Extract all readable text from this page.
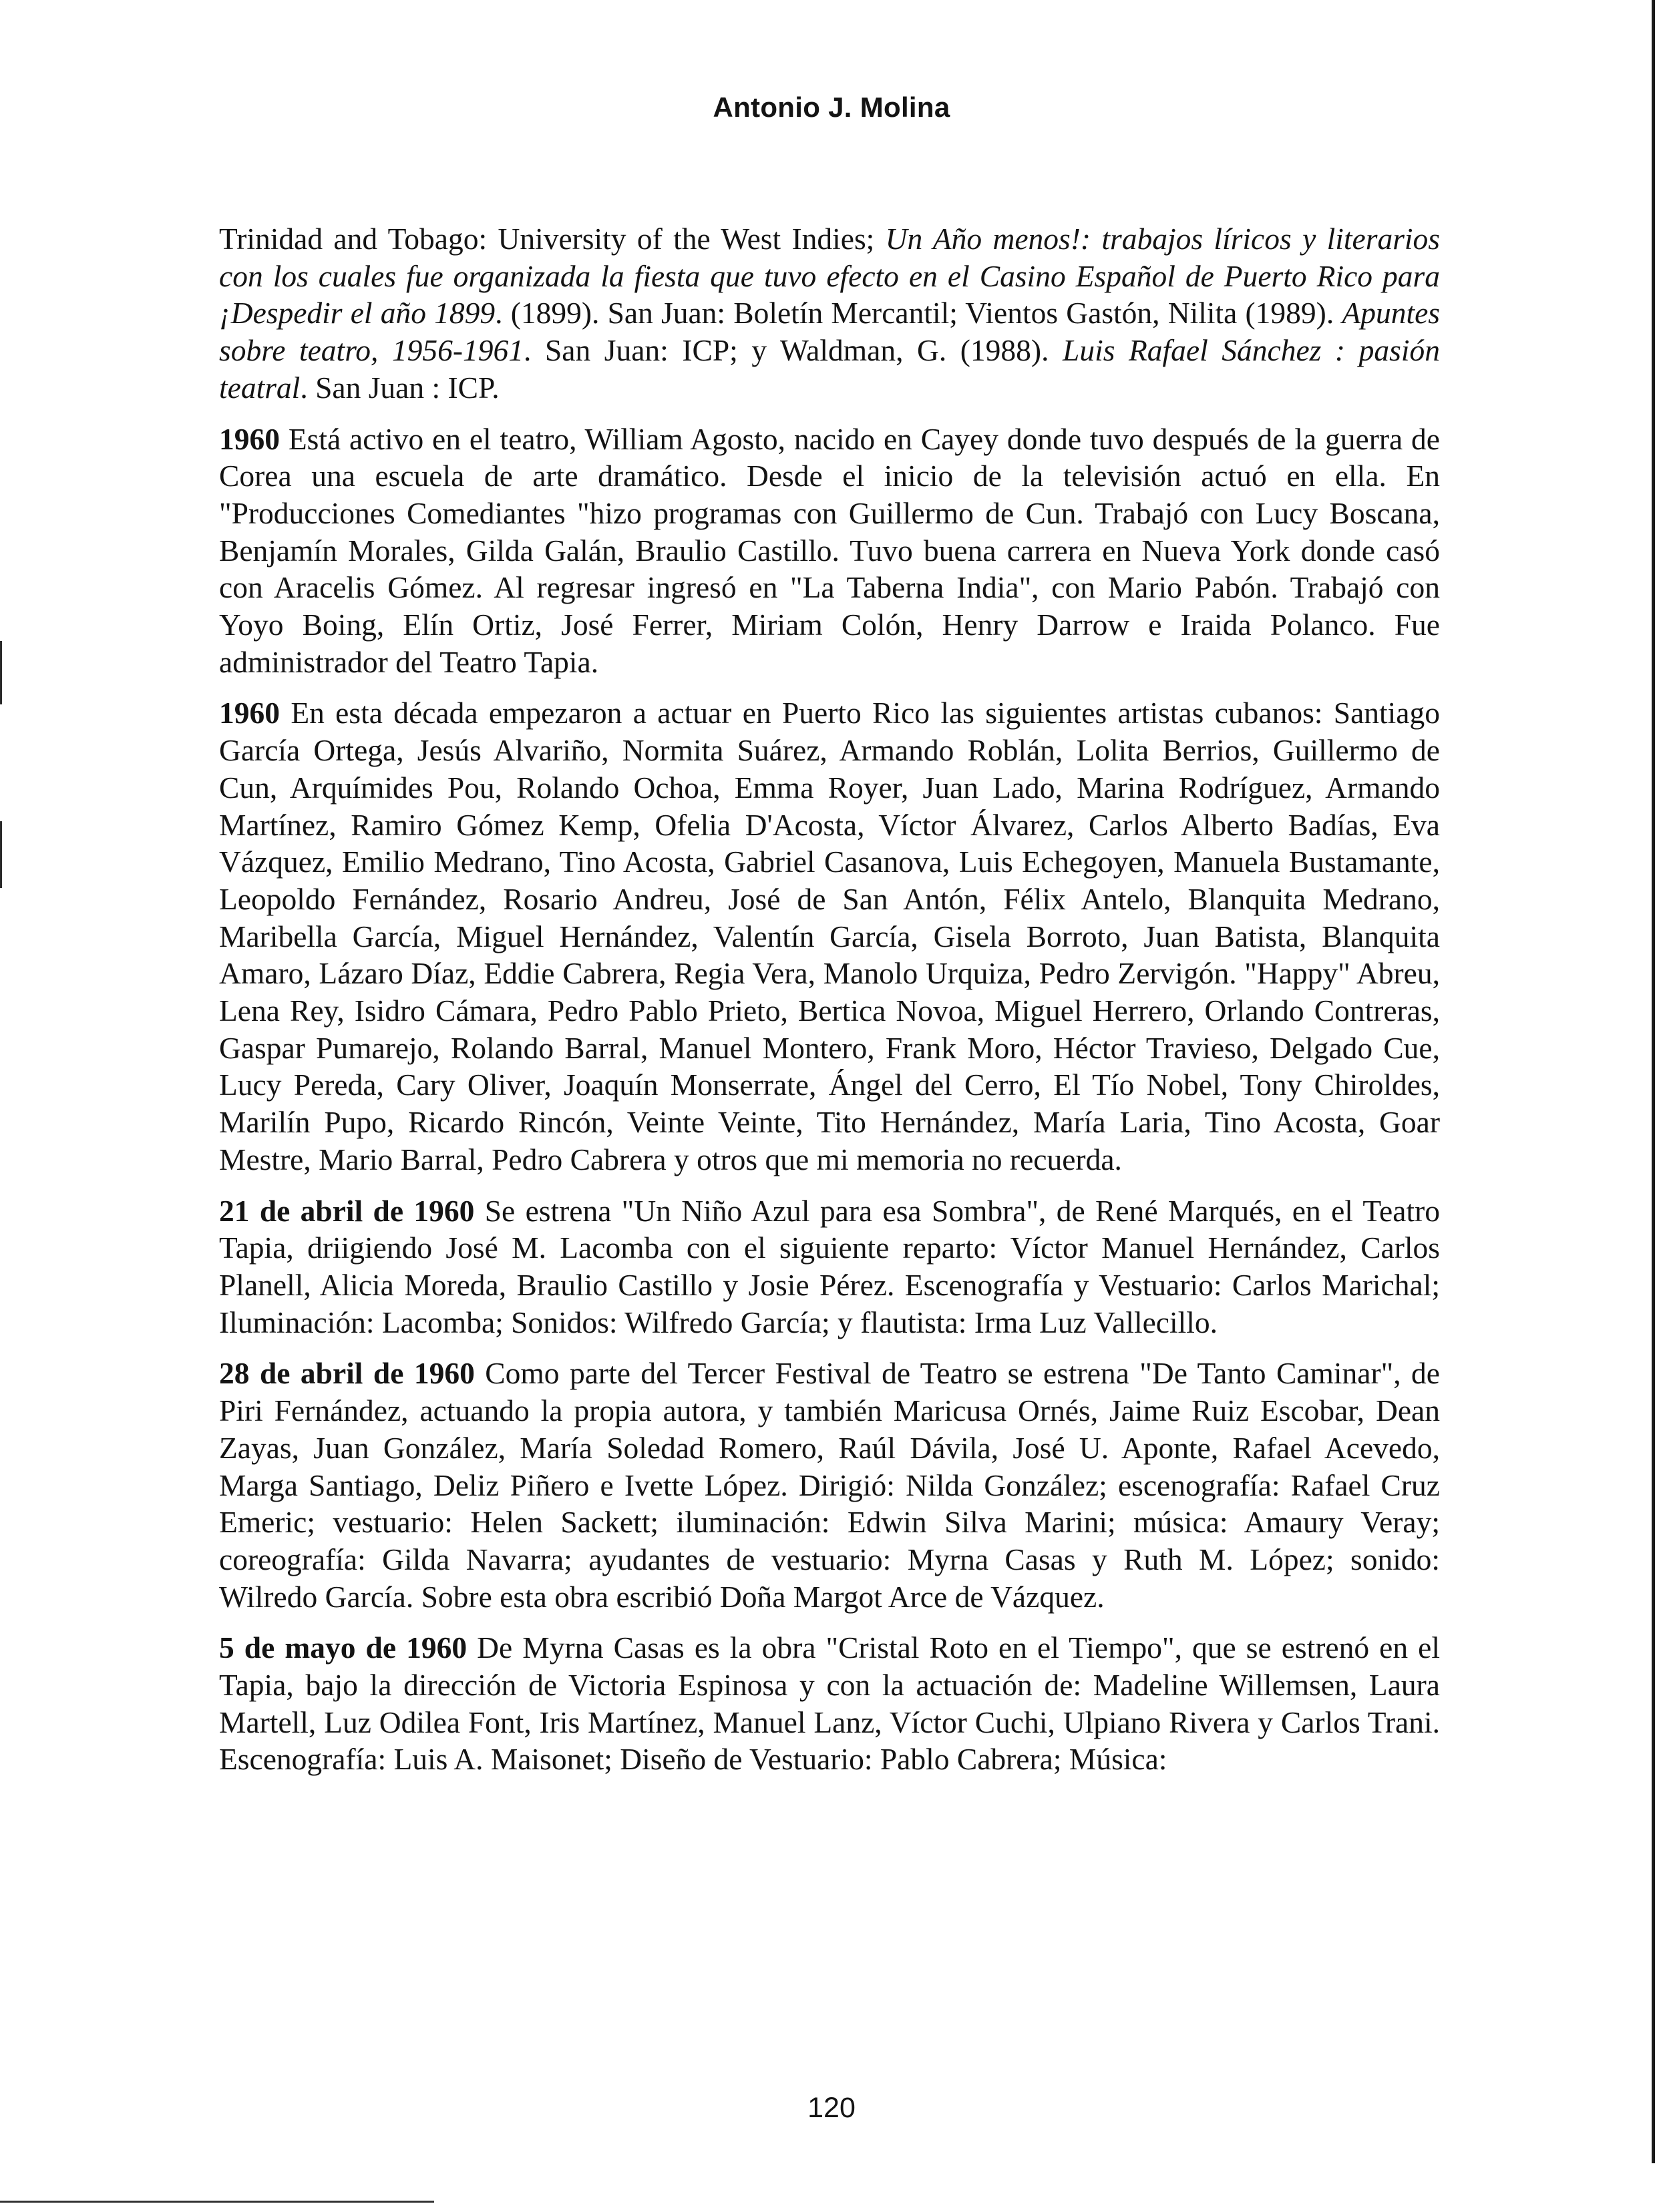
Antonio J. Molina

Trinidad and Tobago: University of the West Indies; Un Año menos!: trabajos líricos y literarios con los cuales fue organizada la fiesta que tuvo efecto en el Casino Español de Puerto Rico para ¡Despedir el año 1899. (1899). San Juan: Boletín Mercantil; Vientos Gastón, Nilita (1989). Apuntes sobre teatro, 1956-1961. San Juan: ICP; y Waldman, G. (1988). Luis Rafael Sánchez : pasión teatral. San Juan : ICP.

1960 Está activo en el teatro, William Agosto, nacido en Cayey donde tuvo después de la guerra de Corea una escuela de arte dramático. Desde el inicio de la televisión actuó en ella. En "Producciones Comediantes "hizo programas con Guillermo de Cun. Trabajó con Lucy Boscana, Benjamín Morales, Gilda Galán, Braulio Castillo. Tuvo buena carrera en Nueva York donde casó con Aracelis Gómez. Al regresar ingresó en "La Taberna India", con Mario Pabón. Trabajó con Yoyo Boing, Elín Ortiz, José Ferrer, Miriam Colón, Henry Darrow e Iraida Polanco. Fue administrador del Teatro Tapia.

1960 En esta década empezaron a actuar en Puerto Rico las siguientes artistas cubanos: Santiago García Ortega, Jesús Alvariño, Normita Suárez, Armando Roblán, Lolita Berrios, Guillermo de Cun, Arquímides Pou, Rolando Ochoa, Emma Royer, Juan Lado, Marina Rodríguez, Armando Martínez, Ramiro Gómez Kemp, Ofelia D'Acosta, Víctor Álvarez, Carlos Alberto Badías, Eva Vázquez, Emilio Medrano, Tino Acosta, Gabriel Casanova, Luis Echegoyen, Manuela Bustamante, Leopoldo Fernández, Rosario Andreu, José de San Antón, Félix Antelo, Blanquita Medrano, Maribella García, Miguel Hernández, Valentín García, Gisela Borroto, Juan Batista, Blanquita Amaro, Lázaro Díaz, Eddie Cabrera, Regia Vera, Manolo Urquiza, Pedro Zervigón. "Happy" Abreu, Lena Rey, Isidro Cámara, Pedro Pablo Prieto, Bertica Novoa, Miguel Herrero, Orlando Contreras, Gaspar Pumarejo, Rolando Barral, Manuel Montero, Frank Moro, Héctor Travieso, Delgado Cue, Lucy Pereda, Cary Oliver, Joaquín Monserrate, Ángel del Cerro, El Tío Nobel, Tony Chiroldes, Marilín Pupo, Ricardo Rincón, Veinte Veinte, Tito Hernández, María Laria, Tino Acosta, Goar Mestre, Mario Barral, Pedro Cabrera y otros que mi memoria no recuerda.

21 de abril de 1960 Se estrena "Un Niño Azul para esa Sombra", de René Marqués, en el Teatro Tapia, driigiendo José M. Lacomba con el siguiente reparto: Víctor Manuel Hernández, Carlos Planell, Alicia Moreda, Braulio Castillo y Josie Pérez. Escenografía y Vestuario: Carlos Marichal; Iluminación: Lacomba; Sonidos: Wilfredo García; y flautista: Irma Luz Vallecillo.

28 de abril de 1960 Como parte del Tercer Festival de Teatro se estrena "De Tanto Caminar", de Piri Fernández, actuando la propia autora, y también Maricusa Ornés, Jaime Ruiz Escobar, Dean Zayas, Juan González, María Soledad Romero, Raúl Dávila, José U. Aponte, Rafael Acevedo, Marga Santiago, Deliz Piñero e Ivette López. Dirigió: Nilda González; escenografía: Rafael Cruz Emeric; vestuario: Helen Sackett; iluminación: Edwin Silva Marini; música: Amaury Veray; coreografía: Gilda Navarra; ayudantes de vestuario: Myrna Casas y Ruth M. López; sonido: Wilredo García. Sobre esta obra escribió Doña Margot Arce de Vázquez.

5 de mayo de 1960 De Myrna Casas es la obra "Cristal Roto en el Tiempo", que se estrenó en el Tapia, bajo la dirección de Victoria Espinosa y con la actuación de: Madeline Willemsen, Laura Martell, Luz Odilea Font, Iris Martínez, Manuel Lanz, Víctor Cuchi, Ulpiano Rivera y Carlos Trani. Escenografía: Luis A. Maisonet; Diseño de Vestuario: Pablo Cabrera; Música:

120
